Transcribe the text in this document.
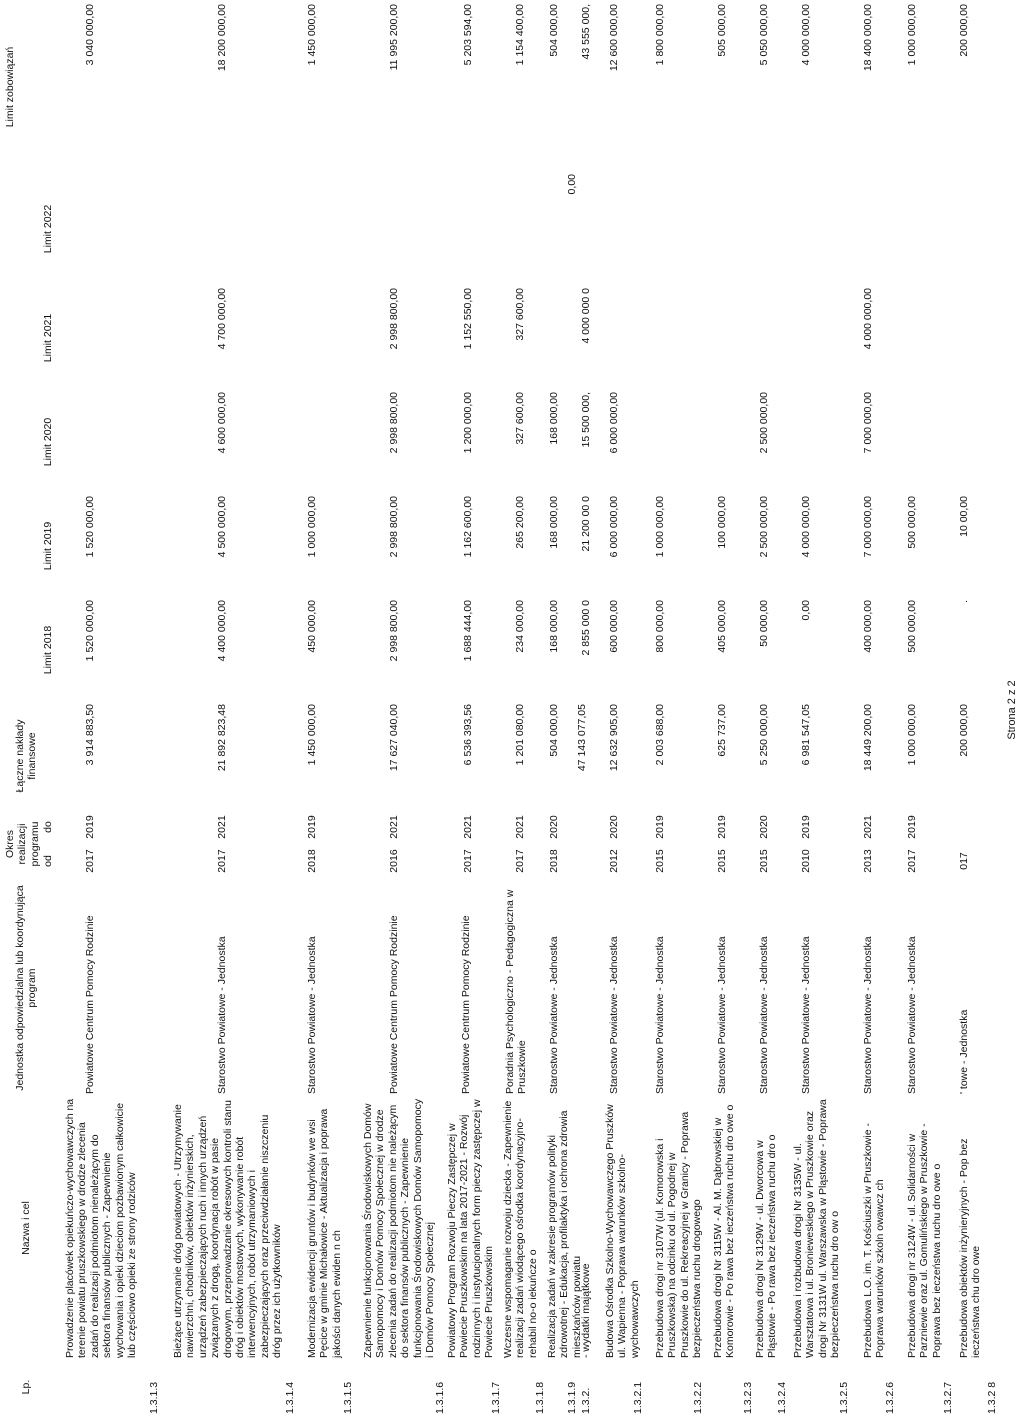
Lp.
Nazwa i cel
Jednostka odpowiedzialna lub koordynująca program
Okres realizacji programu od
do
Łączne nakłady finansowe
Limit 2018
Limit 2019
Limit 2020
Limit 2021
Limit 2022
Limit zobowiązań
1.3.1.3
Prowadzenie placówek opiekuńczo-wychowawczych na terenie powiatu pruszkowskiego w drodze zlecenia zadań do realizacji podmiotom nienależącym do sektora finansów publicznych - Zapewnienie wychowania i opieki dzieciom pozbawionym całkowicie lub częściowo opieki ze strony rodziców
Powiatowe Centrum Pomocy Rodzinie
2017
2019
3 914 883,50
1 520 000,00
1 520 000,00
3 040 000,00
1.3.1.4
Bieżące utrzymanie dróg powiatowych - Utrzymywanie nawierzchni, chodników, obiektów inżynierskich, urządzeń zabezpieczających ruch i innych urządzeń związanych z drogą, koordynacja robót w pasie drogowym, przeprowadzanie okresowych kontroli stanu dróg i obiektów mostowych, wykonywanie robót interwencyjnych, robót utrzymaniowych i zabezpieczających oraz przeciwdziałanie niszczeniu dróg przez ich użytkowników
Starostwo Powiatowe - Jednostka
2017
2021
21 892 823,48
4 400 000,00
4 500 000,00
4 600 000,00
4 700 000,00
18 200 000,00
1.3.1.5
Modernizacja ewidencji gruntów i budynków we wsi Pęcice w gminie Michałowice - Aktualizacja i poprawa jakości danych ewiden n ch
Starostwo Powiatowe - Jednostka
2018
2019
1 450 000,00
450 000,00
1 000 000,00
1 450 000,00
1.3.1.6
Zapewnienie funkcjonowania Środowiskowych Domów Samopomocy i Domów Pomocy Społecznej w drodze zlecenia zadań do realizacji podmiotom nie należącym do sektora finansów publicznych - Zapewnienie funkcjonowania Środowiskowych Domów Samopomocy i Domów Pomocy Społecznej
Powiatowe Centrum Pomocy Rodzinie
2016
2021
17 627 040,00
2 998 800,00
2 998 800,00
2 998 800,00
2 998 800,00
11 995 200,00
1.3.1.7
Powiatowy Program Rozwoju Pieczy Zastępczej w Powiecie Pruszkowskim na lata 2017-2021 - Rozwój rodzinnych i instytucjonalnych form pieczy zastępczej w Powiecie Pruszkowskim
Powiatowe Centrum Pomocy Rodzinie
2017
2021
6 536 393,56
1 688 444,00
1 162 600,00
1 200 000,00
1 152 550,00
5 203 594,00
1.3.1.8
Wczesne wspomaganie rozwoju dziecka - Zapewnienie realizacji zadań wiodącego ośrodka koordynacyjno-rehabil no-o iekuńcze o
Poradnia Psychologiczno - Pedagogiczna w Pruszkowie
2017
2021
1 201 080,00
234 000,00
265 200,00
327 600,00
327 600,00
1 154 400,00
1.3.1.9
Realizacja zadań w zakresie programów polityki zdrowotnej - Edukacja, profilaktyka i ochrona zdrowia mieszkańców powiatu
Starostwo Powiatowe - Jednostka
2018
2020
504 000,00
168 000,00
168 000,00
168 000,00
504 000,00
1.3.2.
- wydatki majątkowe
47 143 077,05
2 855 000 0
21 200 00 0
15 500 000,
4 000 000 0
0,00
43 555 000,
1.3.2.1
Budowa Ośrodka Szkolno-Wychowawczego Pruszków ul. Wapienna - Poprawa warunków szkolno-wychowawczych
Starostwo Powiatowe - Jednostka
2012
2020
12 632 905,00
600 000,00
6 000 000,00
6 000 000,00
12 600 000,00
1.3.2.2
Przebudowa drogi nr 3107W (ul. Komorowska i Pruszkowska) na odcinku od ul. Pogodnej w Pruszkowie do ul. Rekreacyjnej w Granicy - Poprawa bezpieczeństwa ruchu drogowego
Starostwo Powiatowe - Jednostka
2015
2019
2 003 688,00
800 000,00
1 000 000,00
1 800 000,00
1.3.2.3
Przebudowa drogi Nr 3115W - Al. M. Dąbrowskiej w Komorowie - Po rawa bez ieczeństwa ruchu dro owe o
Starostwo Powiatowe - Jednostka
2015
2019
625 737,00
405 000,00
100 000,00
505 000,00
1.3.2.4
Przebudowa drogi Nr 3129W - ul. Dworcowa w Pląstowie - Po rawa bez ieczeństwa ruchu dro o
Starostwo Powiatowe - Jednostka
2015
2020
5 250 000,00
50 000,00
2 500 000,00
2 500 000,00
5 050 000,00
1.3.2.5
Przebudowa i rozbudowa drogi Nr 3135W - ul. Warsztatowa i ul. Bronieweskiego w Pruszkowie oraz drogi Nr 3131W ul. Warszawska w Pląstowie - Poprawa bezpieczeństwa ruchu dro ow o
Starostwo Powiatowe - Jednostka
2010
2019
6 981 547,05
0,00
4 000 000,00
4 000 000,00
1.3.2.6
Przebudowa L.O. im. T. Kościuszki w Pruszkowie - Poprawa warunków szkoln owawcz ch
Starostwo Powiatowe - Jednostka
2013
2021
18 449 200,00
400 000,00
7 000 000,00
7 000 000,00
4 000 000,00
18 400 000,00
1.3.2.7
Przebudowa drogi nr 3124W - ul. Solidarności w Parzniewie oraz ul. Gomulińskiego w Pruszkowie - Poprawa bez ieczeństwa ruchu dro owe o
Starostwo Powiatowe - Jednostka
2017
2019
1 000 000,00
500 000,00
500 000,00
1 000 000,00
1.3.2 8
Przebudowa obiektów inżynieryjnych - Pop bez ieczeństwa chu dro owe
' towe - Jednostka
017
200 000,00
.
10 00,00
200 000,00
Strona 2 z 2
